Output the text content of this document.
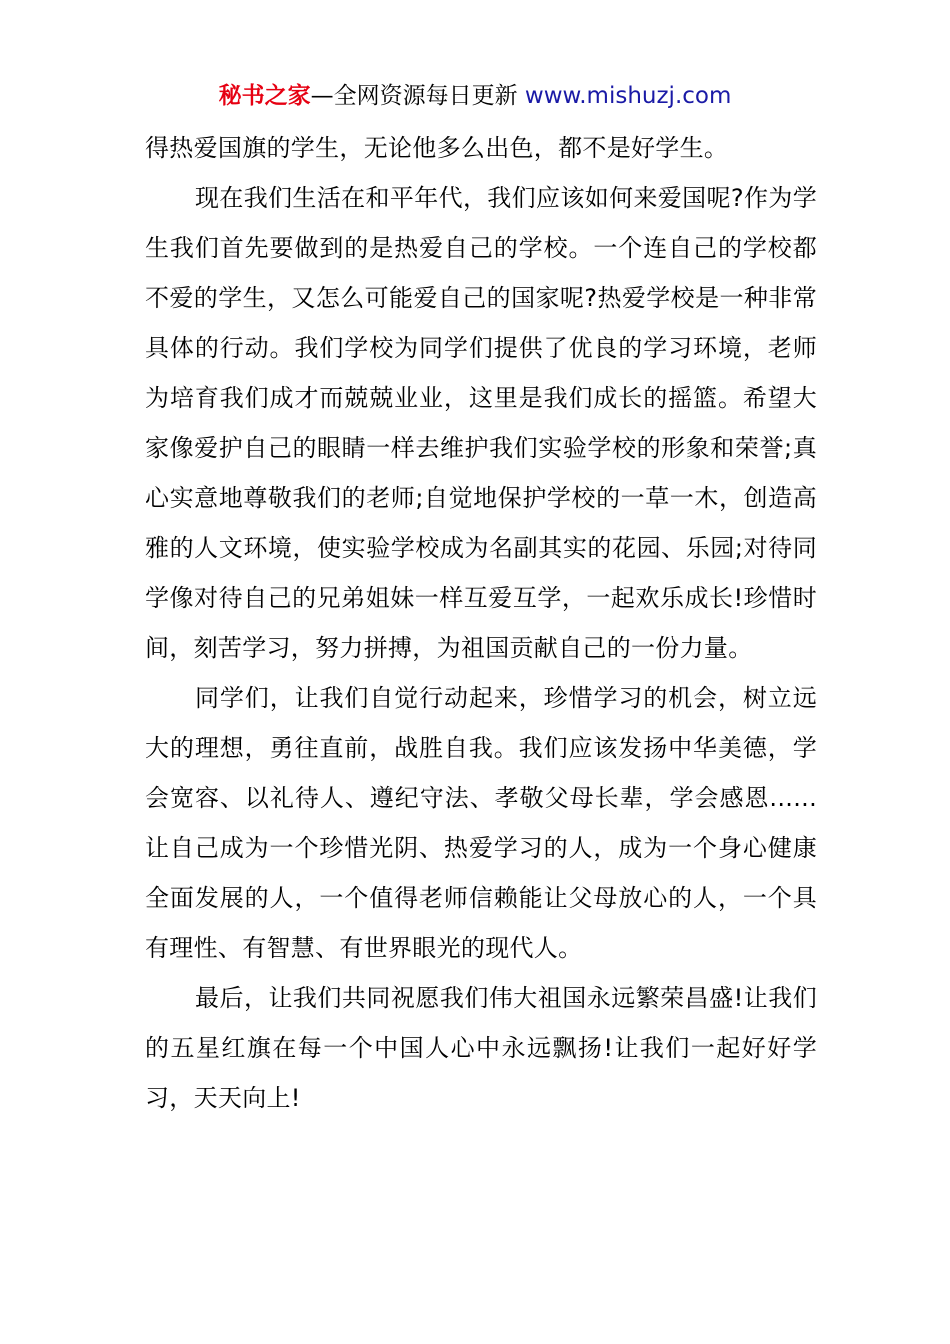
秘书之家—全网资源每日更新 www.mishuzj.com

得热爱国旗的学生，无论他多么出色，都不是好学生。

现在我们生活在和平年代，我们应该如何来爱国呢?作为学生我们首先要做到的是热爱自己的学校。一个连自己的学校都不爱的学生，又怎么可能爱自己的国家呢?热爱学校是一种非常具体的行动。我们学校为同学们提供了优良的学习环境，老师为培育我们成才而兢兢业业，这里是我们成长的摇篮。希望大家像爱护自己的眼睛一样去维护我们实验学校的形象和荣誉;真心实意地尊敬我们的老师;自觉地保护学校的一草一木，创造高雅的人文环境，使实验学校成为名副其实的花园、乐园;对待同学像对待自己的兄弟姐妹一样互爱互学，一起欢乐成长!珍惜时间，刻苦学习，努力拼搏，为祖国贡献自己的一份力量。

同学们，让我们自觉行动起来，珍惜学习的机会，树立远大的理想，勇往直前，战胜自我。我们应该发扬中华美德，学会宽容、以礼待人、遵纪守法、孝敬父母长辈，学会感恩......让自己成为一个珍惜光阴、热爱学习的人，成为一个身心健康全面发展的人，一个值得老师信赖能让父母放心的人，一个具有理性、有智慧、有世界眼光的现代人。

最后，让我们共同祝愿我们伟大祖国永远繁荣昌盛!让我们的五星红旗在每一个中国人心中永远飘扬!让我们一起好好学习，天天向上!
